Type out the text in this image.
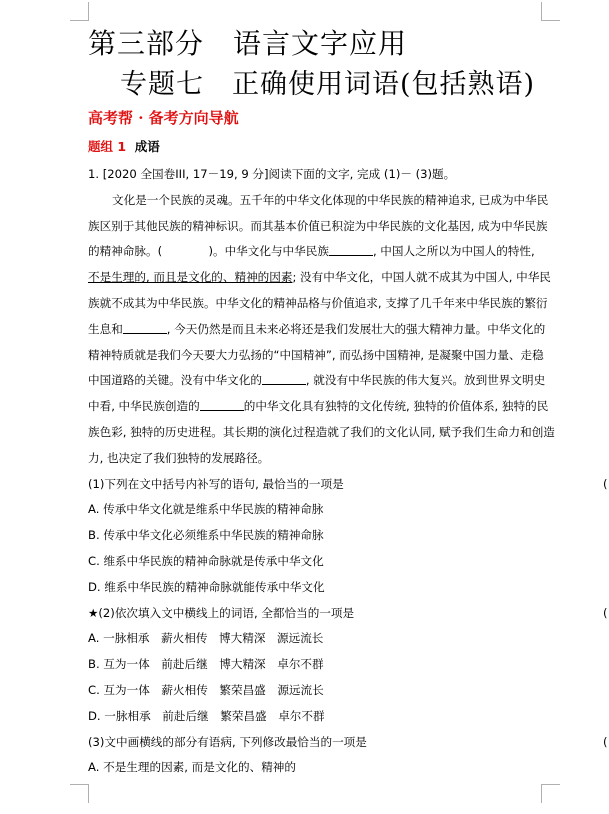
第三部分　语言文字应用
专题七　正确使用词语(包括熟语)
高考帮 · 备考方向导航
题组 1 成语
1. [2020 全国卷III, 17－19, 9 分]阅读下面的文字, 完成 (1)－ (3)题。
文化是一个民族的灵魂。五千年的中华文化体现的中华民族的精神追求, 已成为中华民
族区别于其他民族的精神标识。而其基本价值已积淀为中华民族的文化基因, 成为中华民族
的精神命脉。(　　　　)。中华文化与中华民族	, 中国人之所以为中国人的特性,
不是生理的, 而且是文化的、精神的因素; 没有中华文化，中国人就不成其为中国人, 中华民
族就不成其为中华民族。中华文化的精神品格与价值追求, 支撑了几千年来中华民族的繁衍
生息和	, 今天仍然是而且未来必将还是我们发展壮大的强大精神力量。中华文化的
精神特质就是我们今天要大力弘扬的“中国精神”, 而弘扬中国精神, 是凝聚中国力量、走稳
中国道路的关键。没有中华文化的	, 就没有中华民族的伟大复兴。放到世界文明史
中看, 中华民族创造的	的中华文化具有独特的文化传统, 独特的价值体系, 独特的民
族色彩, 独特的历史进程。其长期的演化过程造就了我们的文化认同, 赋予我们生命力和创造
力, 也决定了我们独特的发展路径。
(1)下列在文中括号内补写的语句, 最恰当的一项是	(
A. 传承中华文化就是维系中华民族的精神命脉
B. 传承中华文化必须维系中华民族的精神命脉
C. 维系中华民族的精神命脉就是传承中华文化
D. 维系中华民族的精神命脉就能传承中华文化
★(2)依次填入文中横线上的词语, 全都恰当的一项是	(
A. 一脉相承　薪火相传　博大精深　源远流长
B. 互为一体　前赴后继　博大精深　卓尔不群
C. 互为一体　薪火相传　繁荣昌盛　源远流长
D. 一脉相承　前赴后继　繁荣昌盛　卓尔不群
(3)文中画横线的部分有语病, 下列修改最恰当的一项是	(
A. 不是生理的因素, 而是文化的、精神的
